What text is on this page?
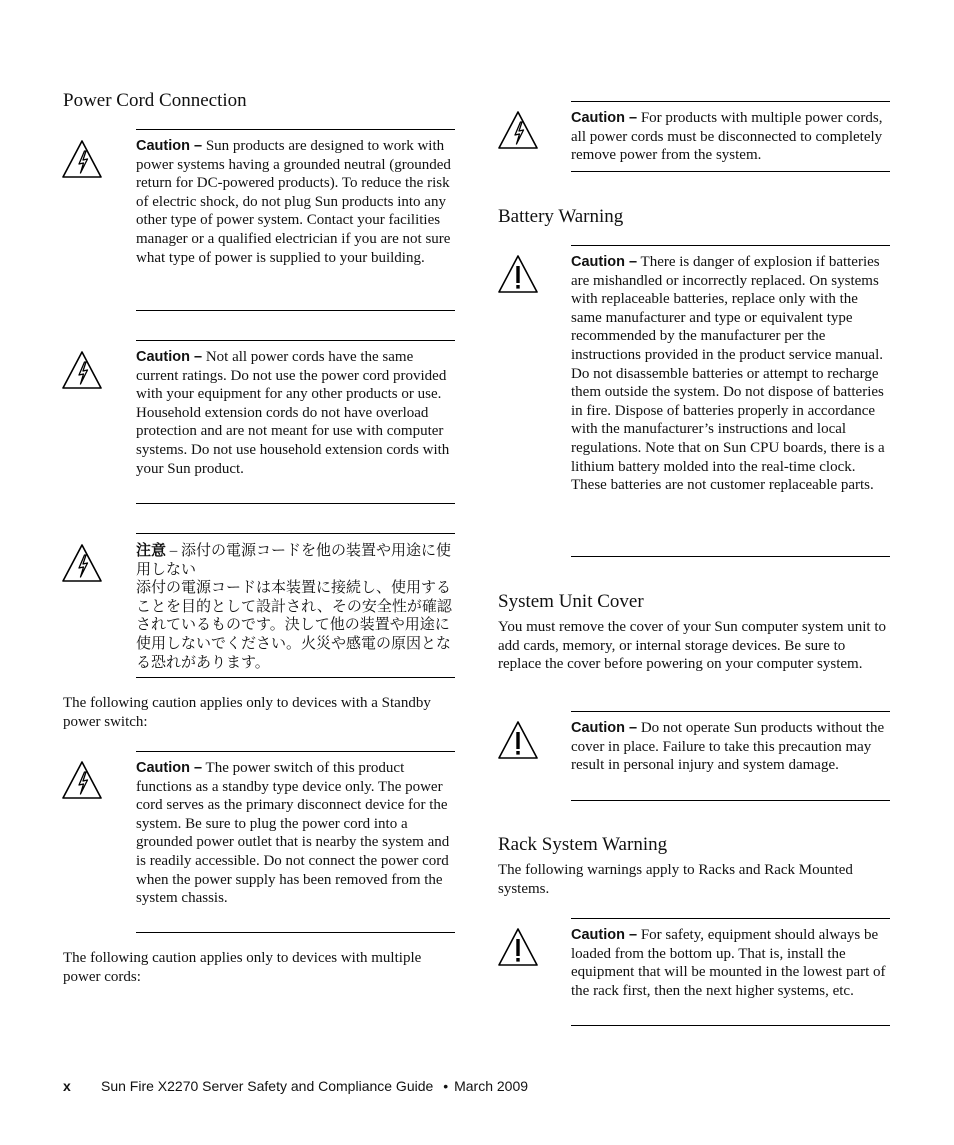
Power Cord Connection
Caution – Sun products are designed to work with power systems having a grounded neutral (grounded return for DC-powered products). To reduce the risk of electric shock, do not plug Sun products into any other type of power system. Contact your facilities manager or a qualified electrician if you are not sure what type of power is supplied to your building.
Caution – Not all power cords have the same current ratings. Do not use the power cord provided with your equipment for any other products or use. Household extension cords do not have overload protection and are not meant for use with computer systems. Do not use household extension cords with your Sun product.
注意 – 添付の電源コードを他の装置や用途に使用しない
添付の電源コードは本装置に接続し、使用することを目的として設計され、その安全性が確認されているものです。決して他の装置や用途に使用しないでください。火災や感電の原因となる恐れがあります。

The following caution applies only to devices with a Standby power switch:

Caution – The power switch of this product functions as a standby type device only. The power cord serves as the primary disconnect device for the system. Be sure to plug the power cord into a grounded power outlet that is nearby the system and is readily accessible. Do not connect the power cord when the power supply has been removed from the system chassis.

The following caution applies only to devices with multiple power cords:

Caution – For products with multiple power cords, all power cords must be disconnected to completely remove power from the system.
Battery Warning
Caution – There is danger of explosion if batteries are mishandled or incorrectly replaced. On systems with replaceable batteries, replace only with the same manufacturer and type or equivalent type recommended by the manufacturer per the instructions provided in the product service manual. Do not disassemble batteries or attempt to recharge them outside the system. Do not dispose of batteries in fire. Dispose of batteries properly in accordance with the manufacturer’s instructions and local regulations. Note that on Sun CPU boards, there is a lithium battery molded into the real-time clock. These batteries are not customer replaceable parts.
System Unit Cover

You must remove the cover of your Sun computer system unit to add cards, memory, or internal storage devices. Be sure to replace the cover before powering on your computer system.

Caution – Do not operate Sun products without the cover in place. Failure to take this precaution may result in personal injury and system damage.
Rack System Warning

The following warnings apply to Racks and Rack Mounted systems.

Caution – For safety, equipment should always be loaded from the bottom up. That is, install the equipment that will be mounted in the lowest part of the rack first, then the next higher systems, etc.
x Sun Fire X2270 Server Safety and Compliance Guide • March 2009
